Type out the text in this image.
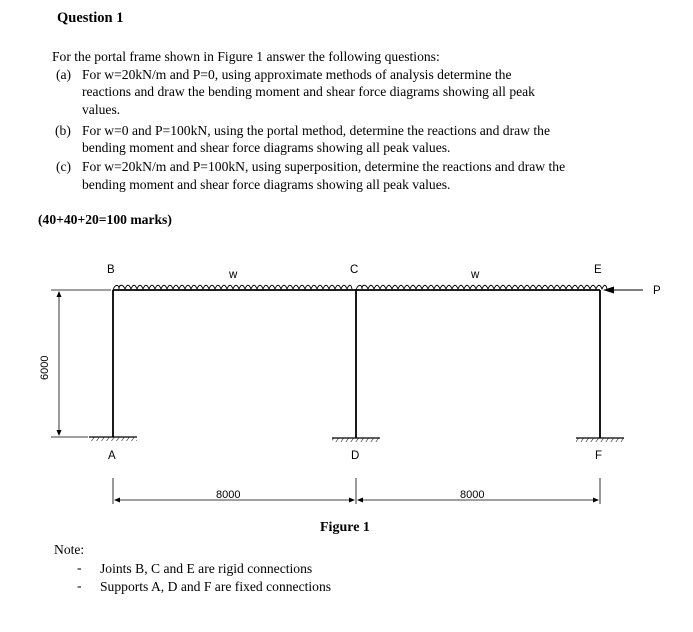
Question 1
For the portal frame shown in Figure 1 answer the following questions:
(a) For w=20kN/m and P=0, using approximate methods of analysis determine the
reactions and draw the bending moment and shear force diagrams showing all peak
values.
(b) For w=0 and P=100kN, using the portal method, determine the reactions and draw the
bending moment and shear force diagrams showing all peak values.
(c) For w=20kN/m and P=100kN, using superposition, determine the reactions and draw the
bending moment and shear force diagrams showing all peak values.
(40+40+20=100 marks)
B	C	E
w	w
P
A	D	F
8000	8000
6000
Figure 1
Note:
- Joints B, C and E are rigid connections
- Supports A, D and F are fixed connections
